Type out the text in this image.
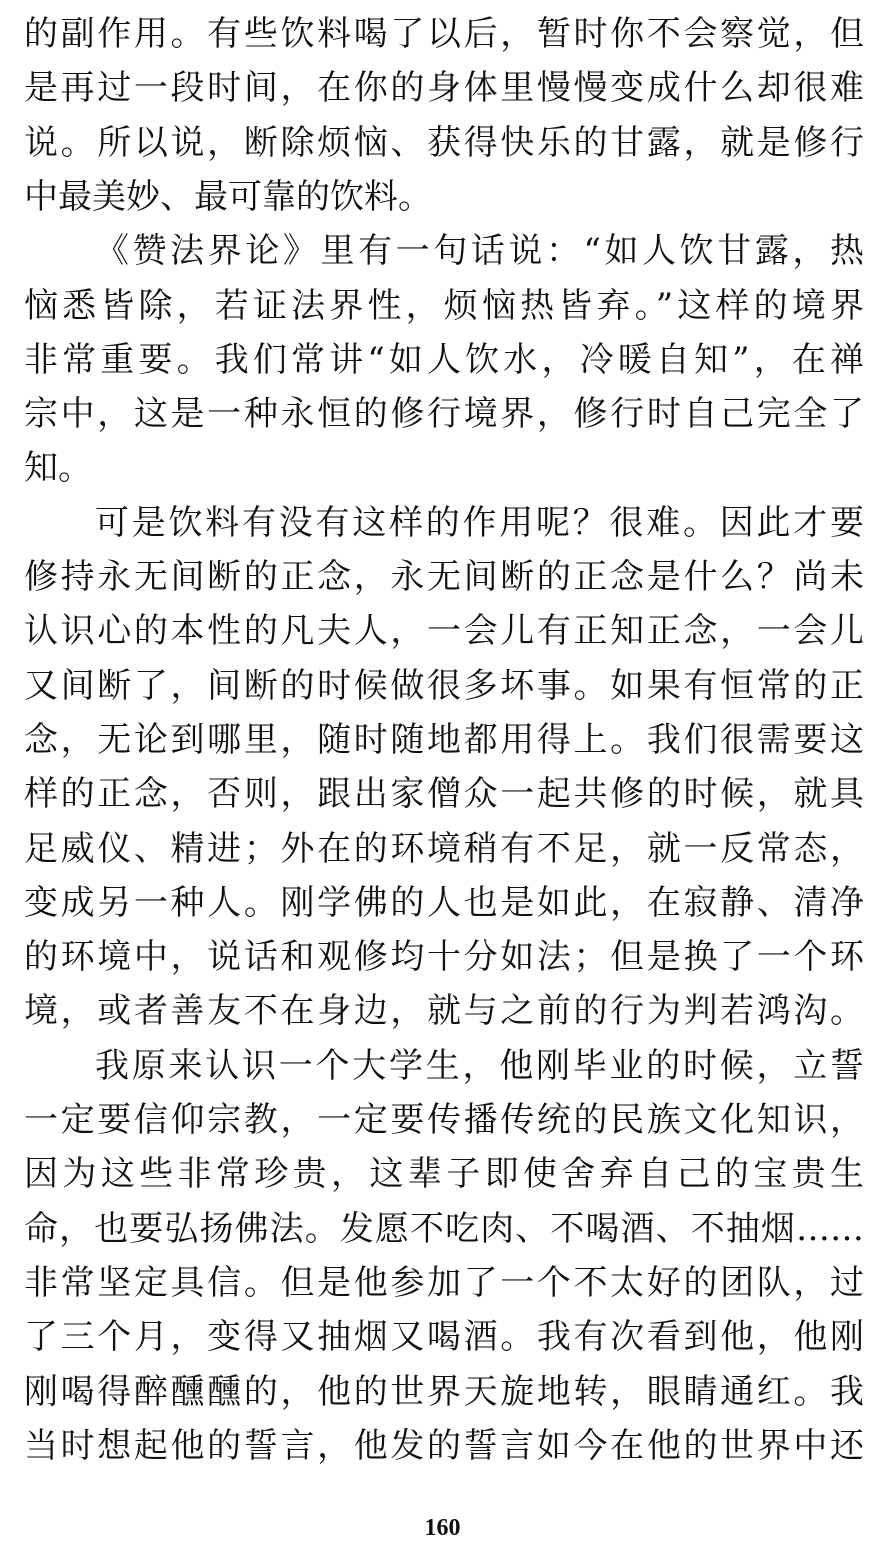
的副作用。有些饮料喝了以后，暂时你不会察觉，但
是再过一段时间，在你的身体里慢慢变成什么却很难
说。所以说，断除烦恼、获得快乐的甘露，就是修行
中最美妙、最可靠的饮料。
《赞法界论》里有一句话说：“如人饮甘露，热
恼悉皆除，若证法界性，烦恼热皆弃。”这样的境界
非常重要。我们常讲“如人饮水，冷暖自知”，在禅
宗中，这是一种永恒的修行境界，修行时自己完全了
知。
可是饮料有没有这样的作用呢？很难。因此才要
修持永无间断的正念，永无间断的正念是什么？尚未
认识心的本性的凡夫人，一会儿有正知正念，一会儿
又间断了，间断的时候做很多坏事。如果有恒常的正
念，无论到哪里，随时随地都用得上。我们很需要这
样的正念，否则，跟出家僧众一起共修的时候，就具
足威仪、精进；外在的环境稍有不足，就一反常态，
变成另一种人。刚学佛的人也是如此，在寂静、清净
的环境中，说话和观修均十分如法；但是换了一个环
境，或者善友不在身边，就与之前的行为判若鸿沟。
我原来认识一个大学生，他刚毕业的时候，立誓
一定要信仰宗教，一定要传播传统的民族文化知识，
因为这些非常珍贵，这辈子即使舍弃自己的宝贵生
命，也要弘扬佛法。发愿不吃肉、不喝酒、不抽烟……
非常坚定具信。但是他参加了一个不太好的团队，过
了三个月，变得又抽烟又喝酒。我有次看到他，他刚
刚喝得醉醺醺的，他的世界天旋地转，眼睛通红。我
当时想起他的誓言，他发的誓言如今在他的世界中还
160
